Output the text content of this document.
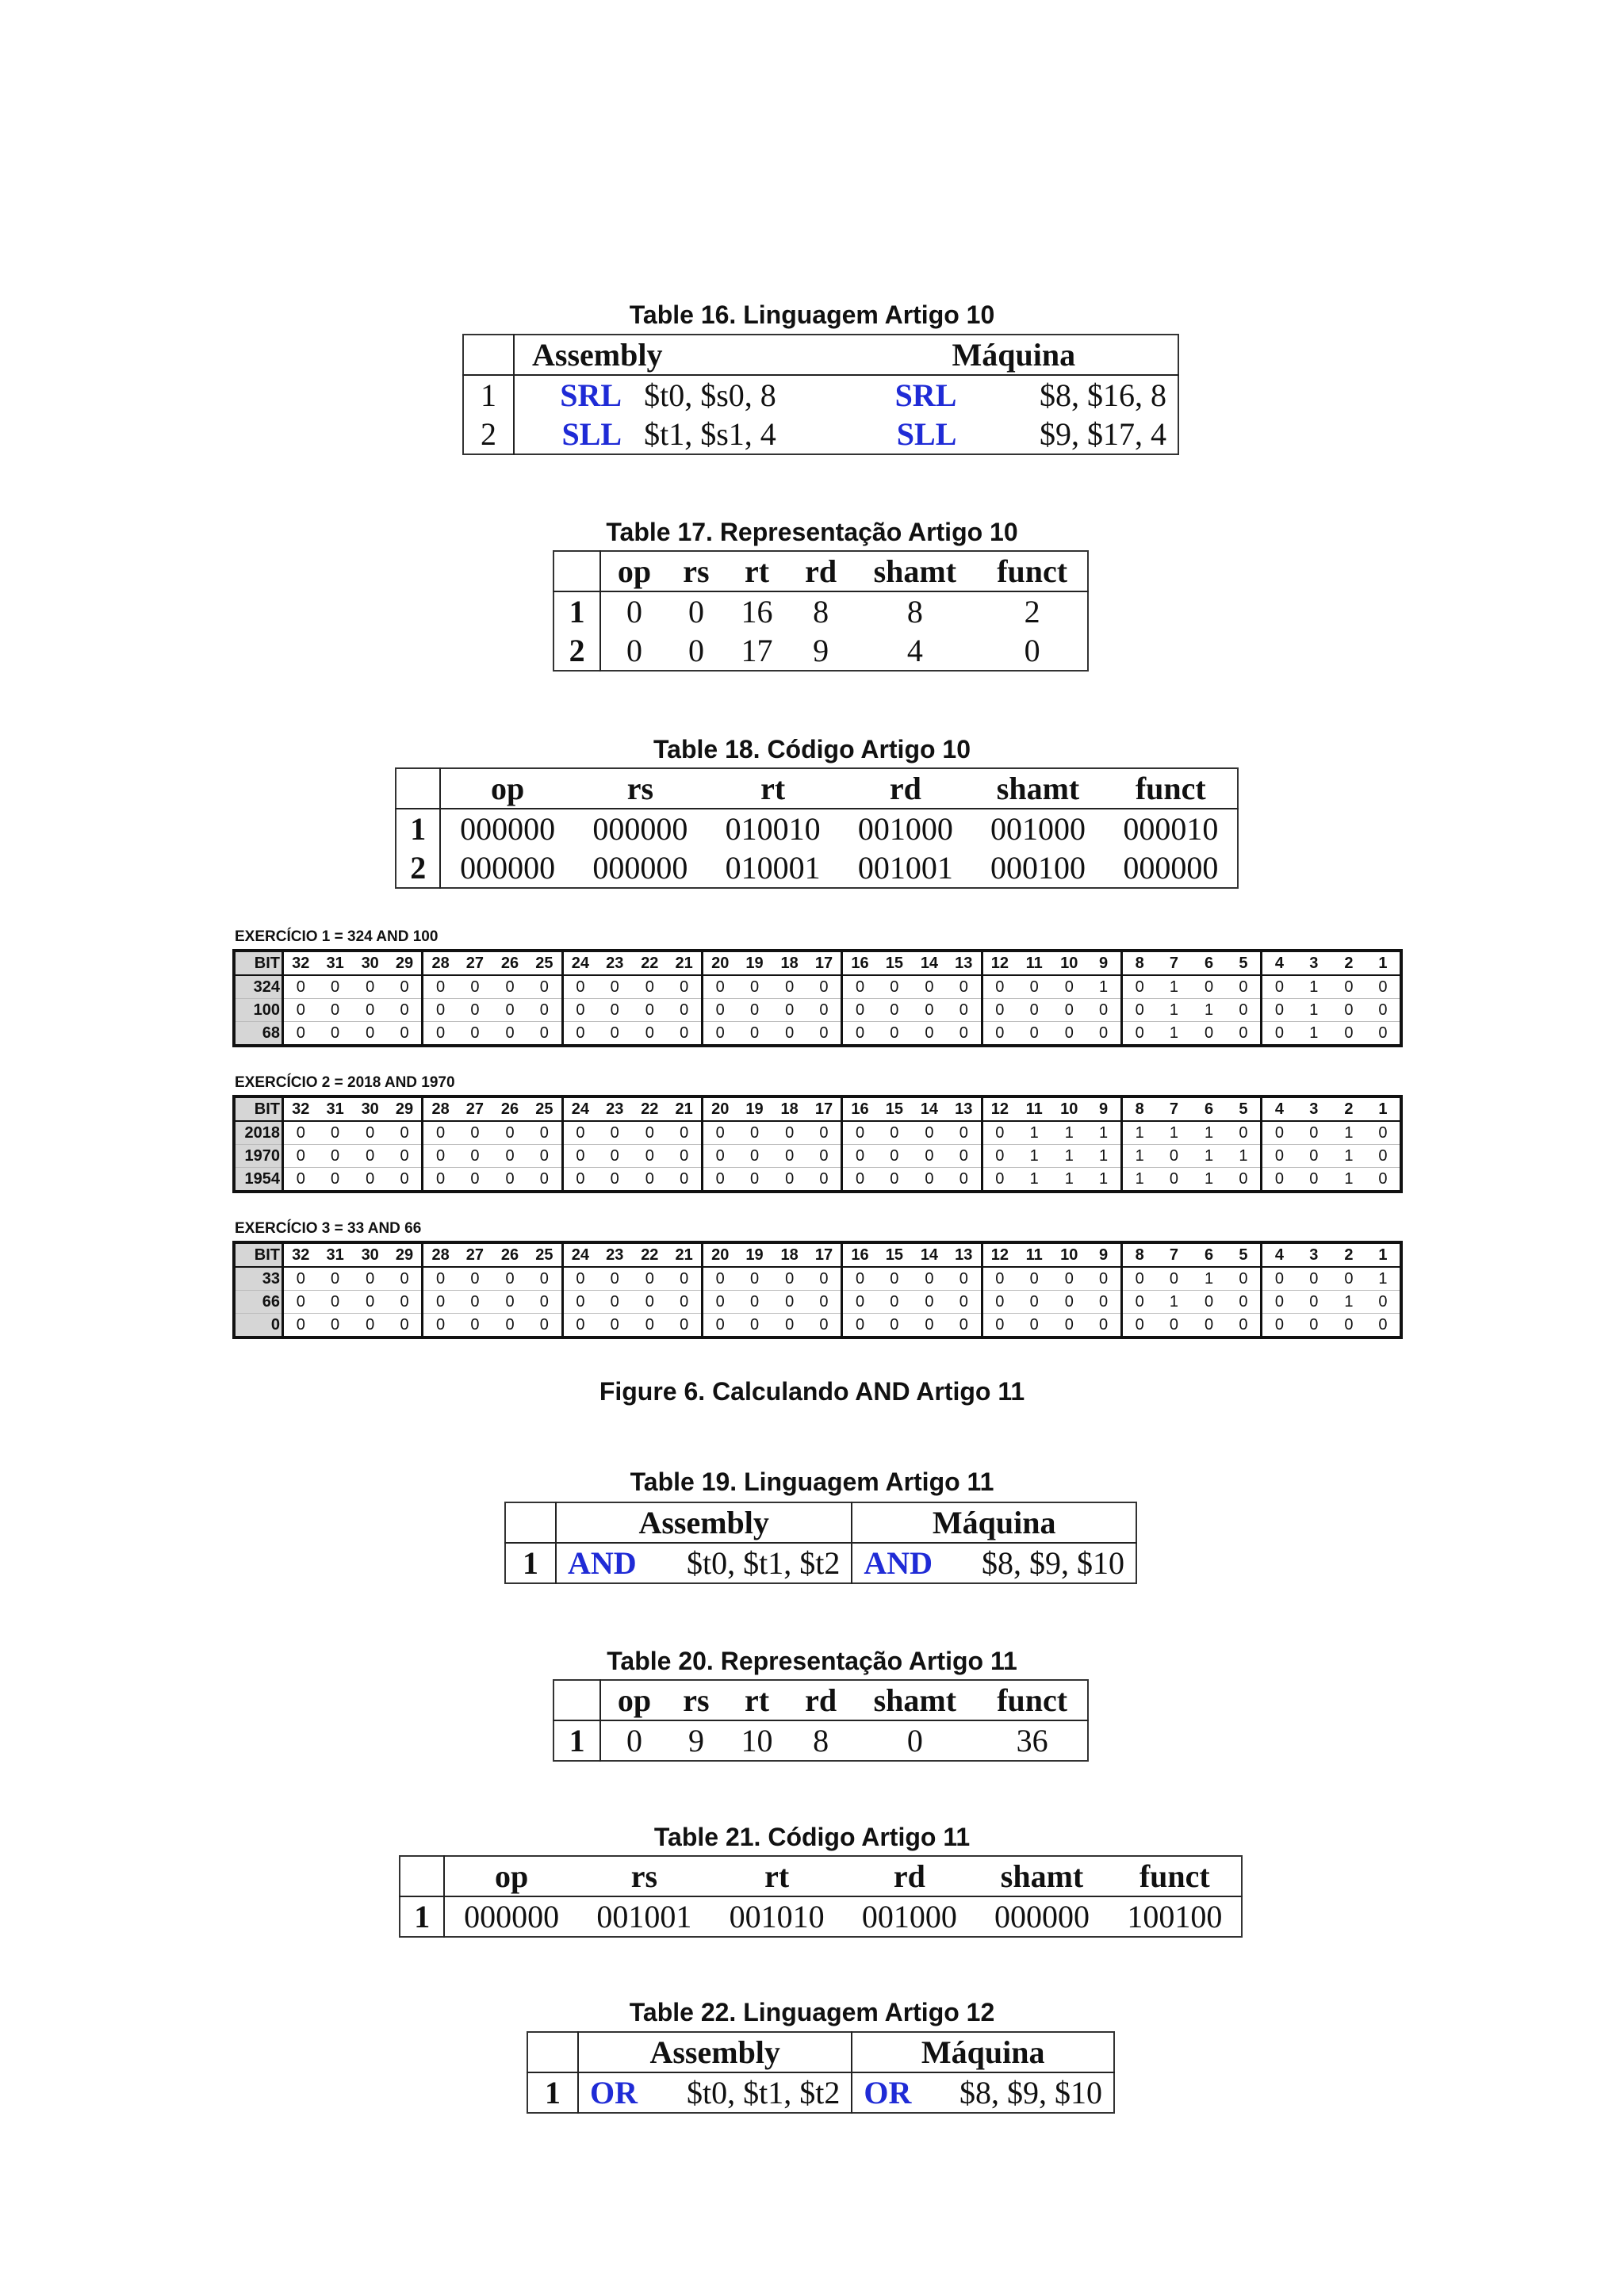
Table 16. Linguagem Artigo 10
	Assembly		Máquina	
1	SRL	$t0, $s0, 8	SRL	$8, $16, 8
2	SLL	$t1, $s1, 4	SLL	$9, $17, 4
Table 17. Representação Artigo 10
	op	rs	rt	rd	shamt	funct
1	0	0	16	8	8	2
2	0	0	17	9	4	0
Table 18. Código Artigo 10
	op	rs	rt	rd	shamt	funct
1	000000	000000	010010	001000	001000	000010
2	000000	000000	010001	001001	000100	000000
EXERCÍCIO 1 = 324 AND 100
BIT	32	31	30	29	28	27	26	25	24	23	22	21	20	19	18	17	16	15	14	13	12	11	10	9	8	7	6	5	4	3	2	1
324	0	0	0	0	0	0	0	0	0	0	0	0	0	0	0	0	0	0	0	0	0	0	0	1	0	1	0	0	0	1	0	0
100	0	0	0	0	0	0	0	0	0	0	0	0	0	0	0	0	0	0	0	0	0	0	0	0	0	1	1	0	0	1	0	0
68	0	0	0	0	0	0	0	0	0	0	0	0	0	0	0	0	0	0	0	0	0	0	0	0	0	1	0	0	0	1	0	0
EXERCÍCIO 2 = 2018 AND 1970
BIT	32	31	30	29	28	27	26	25	24	23	22	21	20	19	18	17	16	15	14	13	12	11	10	9	8	7	6	5	4	3	2	1
2018	0	0	0	0	0	0	0	0	0	0	0	0	0	0	0	0	0	0	0	0	0	1	1	1	1	1	1	0	0	0	1	0
1970	0	0	0	0	0	0	0	0	0	0	0	0	0	0	0	0	0	0	0	0	0	1	1	1	1	0	1	1	0	0	1	0
1954	0	0	0	0	0	0	0	0	0	0	0	0	0	0	0	0	0	0	0	0	0	1	1	1	1	0	1	0	0	0	1	0
EXERCÍCIO 3 = 33 AND 66
BIT	32	31	30	29	28	27	26	25	24	23	22	21	20	19	18	17	16	15	14	13	12	11	10	9	8	7	6	5	4	3	2	1
33	0	0	0	0	0	0	0	0	0	0	0	0	0	0	0	0	0	0	0	0	0	0	0	0	0	0	1	0	0	0	0	1
66	0	0	0	0	0	0	0	0	0	0	0	0	0	0	0	0	0	0	0	0	0	0	0	0	0	1	0	0	0	0	1	0
0	0	0	0	0	0	0	0	0	0	0	0	0	0	0	0	0	0	0	0	0	0	0	0	0	0	0	0	0	0	0	0	0
Figure 6. Calculando AND Artigo 11
Table 19. Linguagem Artigo 11
	Assembly		Máquina	
1	AND	$t0, $t1, $t2	AND	$8, $9, $10
Table 20. Representação Artigo 11
	op	rs	rt	rd	shamt	funct
1	0	9	10	8	0	36
Table 21. Código Artigo 11
	op	rs	rt	rd	shamt	funct
1	000000	001001	001010	001000	000000	100100
Table 22. Linguagem Artigo 12
	Assembly		Máquina	
1	OR	$t0, $t1, $t2	OR	$8, $9, $10
